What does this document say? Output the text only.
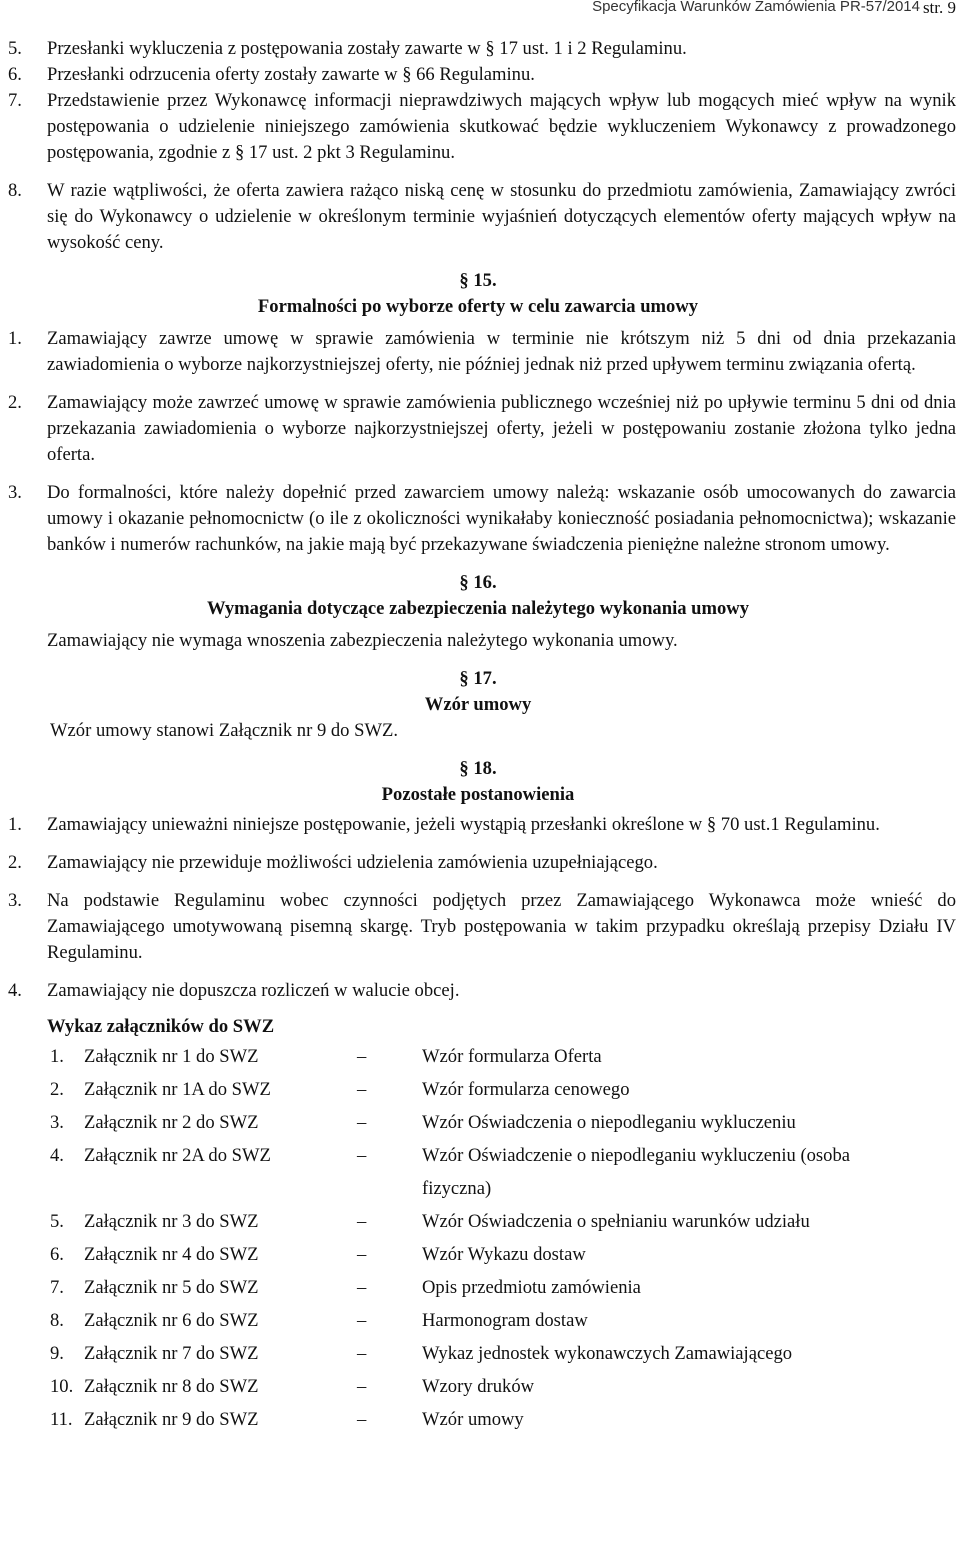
Specyfikacja Warunków Zamówienia PR-57/2014 str. 9
5.	Przesłanki wykluczenia z postępowania zostały zawarte w § 17 ust. 1 i 2 Regulaminu.
6.	Przesłanki odrzucenia oferty zostały zawarte w § 66 Regulaminu.
7.	Przedstawienie przez Wykonawcę informacji nieprawdziwych mających wpływ lub mogących mieć wpływ na wynik postępowania o udzielenie niniejszego zamówienia skutkować będzie wykluczeniem Wykonawcy z prowadzonego postępowania, zgodnie z § 17 ust. 2 pkt 3 Regulaminu.
8.	W razie wątpliwości, że oferta zawiera rażąco niską cenę w stosunku do przedmiotu zamówienia, Zamawiający zwróci się do Wykonawcy o udzielenie w określonym terminie wyjaśnień dotyczących elementów oferty mających wpływ na wysokość ceny.
§ 15.
Formalności po wyborze oferty w celu zawarcia umowy
1.	Zamawiający zawrze umowę w sprawie zamówienia w terminie nie krótszym niż 5 dni od dnia przekazania zawiadomienia o wyborze najkorzystniejszej oferty, nie później jednak niż przed upływem terminu związania ofertą.
2.	Zamawiający może zawrzeć umowę w sprawie zamówienia publicznego wcześniej niż po upływie terminu 5 dni od dnia przekazania zawiadomienia o wyborze najkorzystniejszej oferty, jeżeli w postępowaniu zostanie złożona tylko jedna oferta.
3.	Do formalności, które należy dopełnić przed zawarciem umowy należą: wskazanie osób umocowanych do zawarcia umowy i okazanie pełnomocnictw (o ile z okoliczności wynikałaby konieczność posiadania pełnomocnictwa); wskazanie banków i numerów rachunków, na jakie mają być przekazywane świadczenia pieniężne należne stronom umowy.
§ 16.
Wymagania dotyczące zabezpieczenia należytego wykonania umowy
Zamawiający nie wymaga wnoszenia zabezpieczenia należytego wykonania umowy.
§ 17.
Wzór umowy
Wzór umowy stanowi Załącznik nr 9 do SWZ.
§ 18.
Pozostałe postanowienia
1.	Zamawiający unieważni niniejsze postępowanie, jeżeli wystąpią przesłanki określone w § 70 ust.1 Regulaminu.
2.	Zamawiający nie przewiduje możliwości udzielenia zamówienia uzupełniającego.
3.	Na podstawie Regulaminu wobec czynności podjętych przez Zamawiającego Wykonawca może wnieść do Zamawiającego umotywowaną pisemną skargę. Tryb postępowania w takim przypadku określają przepisy Działu IV Regulaminu.
4.	Zamawiający nie dopuszcza rozliczeń w walucie obcej.
Wykaz załączników do SWZ
1.	Załącznik nr 1 do SWZ	–	Wzór formularza Oferta
2.	Załącznik nr 1A do SWZ	–	Wzór formularza cenowego
3.	Załącznik nr 2 do SWZ	–	Wzór Oświadczenia o niepodleganiu wykluczeniu
4.	Załącznik nr 2A do SWZ	–	Wzór Oświadczenie o niepodleganiu wykluczeniu (osoba fizyczna)
5.	Załącznik nr 3 do SWZ	–	Wzór Oświadczenia o spełnianiu warunków udziału
6.	Załącznik nr 4 do SWZ	–	Wzór Wykazu dostaw
7.	Załącznik nr 5 do SWZ	–	Opis przedmiotu zamówienia
8.	Załącznik nr 6 do SWZ	–	Harmonogram dostaw
9.	Załącznik nr 7 do SWZ	–	Wykaz jednostek wykonawczych Zamawiającego
10. Załącznik nr 8 do SWZ	–	Wzory druków
11. Załącznik nr 9 do SWZ	–	Wzór umowy
